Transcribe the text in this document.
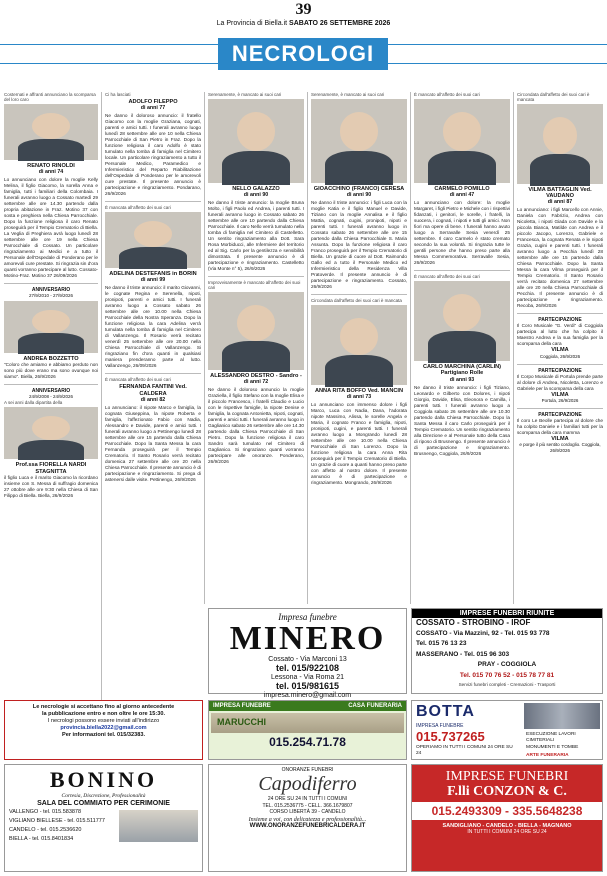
39
La Provincia di Biella.it SABATO 26 SETTEMBRE 2026
NECROLOGI
Costernati e affranti annunciano la scomparsa del loro caro
RENATO RINOLDI
di anni 74
Lo annunciano con dolore la moglie Kelly Melina, il figlio Giacomo, la sorella Anna e famiglia, tutti i familiari della Colombaia. I funerali avranno luogo a Cossato martedì 29 settembre alle ore 14.30 partendo dalla propria abitazione in Fraz. Motino 37 con sosta e preghiera nella Chiesa Parrocchiale. Dopo la funzione religiosa il caro Renato proseguirà per il Tempio Crematorio di Biella. La Veglia di Preghiera avrà luogo lunedì 28 settembre alle ore 19 nella Chiesa Parrocchiale di Cossato. Un particolare ringraziamento ai Medici e a tutto il Personale dell'Ospedale di Ponderano per le amorevoli cure prestate. Si ringrazia sin d'ora quanti vorranno partecipare al lutto. Cossato-Motino-Fraz. Motino 37 26/09/2026
ANNIVERSARIO
27/9/2010 - 27/9/2026
ANDREA BOZZETTO
"Coloro che amiamo e abbiamo perduto non sono più dove erano ma sono ovunque noi siamo". Biella, 26/9/2026
ANNIVERSARIO
24/9/2008 - 24/9/2026
A sei anni dalla dipartita della
Prof.ssa FIORELLA NARDI STAGNITTA
il figlio Luca e il marito Giacomo la ricordano insieme con S. Messa di suffragio domenica 27 ottobre alle ore 9:30 nella Chiesa di San Filippo di Biella. Biella, 26/9/2026
Ci ha lasciati
ADOLFO FILEPPO
di anni 77
Ne danno il doloroso annuncio: il fratello Giacomo con la moglie Graziana, cognati, parenti e amici tutti. I funerali avranno luogo lunedì 28 settembre alle ore 10 nella Chiesa Parrocchiale di San Pietro in Fraz. Dopo la funzione religiosa il caro Adolfo è stato tumulato nella tomba di famiglia nel Cimitero locale. Un particolare ringraziamento a tutto il Personale Medico, Paramedico e Infermieristico del Reparto Riabilitazione dell'Ospedale di Ponderano per le amorevoli cure prestate. Il presente annuncio è partecipazione e ringraziamento. Pondarano, 26/9/2026
È mancata all'affetto dei suoi cari
ADELINA DESTEFANIS in BORIN
di anni 99
Ne danno il triste annuncio: il marito Giovanni, le cognate Regina e Serenella, nipoti, pronipoti, parenti e amici tutti. I funerali avranno luogo a Cossato sabato 26 settembre alle ore 10.00 nella Chiesa Parrocchiale della Nostra Speranza. Dopo la funzione religiosa la cara Adelina verrà tumulata nella tomba di famiglia nel Cimitero di Vallanzengo. Il Rosario verrà recitato venerdì 25 settembre alle ore 20.00 nella Chiesa Parrocchiale di Vallanzengo. Si ringraziano fin d'ora quanti in qualsiasi maniera prenderanno parte al lutto. Vallanzengo, 26/09/2026
È mancata all'affetto dei suoi cari
FERNANDA FANTINI Ved. CALDERA
di anni 82
Lo annunciano: il nipote Marco e famiglia, la cognata Giuseppina, la nipote Roberta e famiglia, l'affezionato Fabio con Nadia, Alessandro e Davide, parenti e amici tutti. I funerali avranno luogo a Pettinengo lunedì 28 settembre alle ore 15 partendo dalla Chiesa Parrocchiale. Dopo la Santa Messa la cara Fernanda proseguirà per il Tempio Crematorio. Il Santo Rosario verrà recitato domenica 27 settembre alle ore 20 nella Chiesa Parrocchiale. Il presente annuncio è di partecipazione e ringraziamento. Si prega di astenersi dalle visite. Pettinengo, 26/9/2026
Serenamente, è mancato ai suoi cari
NELLO GALAZZO
di anni 90
Ne danno il triste annuncio: la moglie Bruna Molto, i figli Paolo ed Andrea, i parenti tutti. I funerali avranno luogo in Cossato sabato 26 settembre alle ore 10 partendo dalla Chiesa Parrocchiale. Il caro Nello verrà tumulato nella tomba di famiglia nel Cimitero di Castelletto. Un sentito ringraziamento alla Dott. Sara Rosa Morbiducci, alle Infermiere del territorio ed al Sig. Carlo per la gentilezza e sensibilità dimostrata. Il presente annuncio è di partecipazione e ringraziamento. Castelletto (Via Monte n° 5), 26/9/2026
Improvvisamente è mancato all'affetto dei suoi cari
ALESSANDRO DESTRO - Sandro -
di anni 72
Ne danno il doloroso annuncio la moglie Graziella, il figlio Stefano con la moglie Elisa e il piccolo Francesco, i fratelli Claudio e Lucio con le rispettive famiglie, la nipote Denise e famiglia, la cognata Antonietta, nipoti, cognati, parenti e amici tutti. I funerali avranno luogo in Gaglianico sabato 26 settembre alle ore 14.30 partendo dalla Chiesa Parrocchiale di San Pietro. Dopo la funzione religiosa il caro Sandro sarà tumulato nel Cimitero di Gaglianico. Si ringraziano quanti vorranno partecipare alle onoranze. Ponderano, 26/9/2026
Serenamente, è mancato ai suoi cari
GIOACCHINO (FRANCO) CERESA
di anni 90
Ne danno il triste annuncio: i figli Luca con la moglie Katia e il figlio Manuel e Davide, Tiziano con la moglie Annalisa e il figlio Mattia, cognati, cugini, pronipoti, nipoti e parenti tutti. I funerali avranno luogo in Cossato sabato 26 settembre alle ore 15 partendo dalla Chiesa Parrocchiale S. Maria Assunta. Dopo la funzione religiosa il caro Franco proseguirà per il Tempio Crematorio di Biella. Un grazie di cuore al Dott. Raimondo Gallo ed a tutto il Personale Medico ed Infermieristico della Residenza Villa Pratoverde. Il presente annuncio è di partecipazione e ringraziamento. Cossato, 26/9/2026
Circondata dall'affetto dei suoi cari è mancata
ANNA RITA BOFFO Ved. MANCIN
di anni 73
Lo annunciano con immenso dolore i figli Marco, Luca con Nadia, Dana, l'adorata nipote Massimo, Alissa, le sorelle Angela e Maria, il cognato Franco e famiglia, nipoti, pronipoti, cugini, e parenti tutti. I funerali avranno luogo a Mongrando lunedì 28 settembre alle ore 10.00 nella Chiesa Parrocchiale di San Lorenzo. Dopo la funzione religiosa la cara Anna Rita proseguirà per il Tempio Crematorio di Biella. Un grazie di cuore a quanti hanno preso parte con affetto al nostro dolore. Il presente annuncio è di partecipazione e ringraziamento. Mongrando, 26/9/2026
È mancato all'affetto dei suoi cari
CARMELO POMILLO
di anni 47
Lo annunciano con dolore: la moglie Margaret, i figli Pietro e Michele con i rispettivi fidanzati, i genitori, le sorelle, i fratelli, la suocera, i cognati, i nipoti e tutti gli amici. Non fiori ma opere di bene. I funerali hanno avuto luogo a Serravalle Sesia venerdì 25 settembre. Il caro Carmelo è stato cremato secondo la sua volontà. Si ringrazia tutte le gentili persone che hanno preso parte alla Messa Commemorativa. Serravalle Sesia, 26/9/2026
È mancato all'affetto dei suoi cari
CARLO MARCHINA (CARLIN) Partigiano Rolle
di anni 93
Ne danno il triste annuncio: i figli Tiziano, Leonardo e Gilberto con Dolores, i nipoti Giorgio, Davide, Elisa, Eleonora e Camilla, i parenti tutti. I funerali avranno luogo a Coggiola sabato 26 settembre alle ore 10.30 partendo dalla Chiesa Parrocchiale. Dopo la Santa Messa il caro Carlo proseguirà per il Tempio Crematorio. Un sentito ringraziamento alla Direzione e al Personale tutto della Casa di riposo di Brusnengo. Il presente annuncio è di partecipazione e ringraziamento. Brusnengo, Coggiola, 26/9/2026
Circondata dall'affetto dei suoi cari è mancata
VILMA BATTAGLIN Ved. VAUDANO
di anni 87
Lo annunciano: i figli Marcello con Annie, Daniela con Fabrizio, Andrea con Nicoletta, i nipoti Giada con Davide e la piccola Bianca, Matilde con Andrea e il piccolo Jacopo, Lorenzo, Gabriele e Francesca, la cognata Renata e le nipoti Grazia, cugini e parenti tutti. I funerali avranno luogo a Pecchia lunedì 28 settembre alle ore 15 partendo dalla Chiesa Parrocchiale. Dopo la Santa Messa la cara Vilma proseguirà per il Tempio Crematorio. Il Santo Rosario verrà recitato domenica 27 settembre alle ore 20 nella Chiesa Parrocchiale di Pecchia. Il presente annuncio è di partecipazione e ringraziamento. Recoba, 26/9/2026
PARTECIPAZIONE
Il Coro Musicale "G. Verdi" di Coggiola partecipa al lutto che ha colpito il Maestro Andrea e la sua famiglia per la scomparsa della cara
VILMA
Coggiola, 26/9/2026
PARTECIPAZIONE
Il Corpo Musicale di Portula prende parte al dolore di Andrea, Nicoletta, Lorenzo e Gabriele per la scomparsa della cara
VILMA
Portula, 26/9/2026
PARTECIPAZIONE
Il coro Le Beolle partecipa al dolore che ha colpito Daniele e i familiari tutti per la scomparsa della cara mamma
VILMA
e porge il più sentito cordoglio. Coggiola, 26/9/2026
Impresa funebre
MINERO
Cossato - Via Marconi 13
tel. 015/922108
Lessona - Via Roma 21
tel. 015/981615
impresa.minero@gmail.com
IMPRESE FUNEBRI RIUNITE
COSSATO - STROBINO - IROF
COSSATO - Via Mazzini, 92 - Tel. 015 93 778
Tel. 015 76 13 23
MASSERANO - Tel. 015 96 303
PRAY - COGGIOLA
Tel. 015 70 76 52 - 015 78 77 81
Servizi funebri completi - Cremazioni - Trasporti
Le necrologie si accettano fino al giorno antecedente
la pubblicazione entro e non oltre le ore 15:30.
I necrologi possono essere inviati all'indirizzo
provincia.biella2022@gmail.com
Per informazioni tel. 015/32383.
IMPRESA FUNEBRE	CASA FUNERARIA
MARUCCHI
015.254.71.78
BOTTA
IMPRESA FUNEBRE
015.737265
OPERIAMO IN TUTTI I COMUNI 24 ORE SU 24
ESECUZIONE LAVORI CIMITERIALI
MONUMENTI E TOMBE
ARTE FUNERARIA
BONINO
Cortesia, Discrezione, Professionalità
SALA DEL COMMIATO PER CERIMONIE
VALLENGO - tel. 015.583878
VIGLIANO BIELLESE - tel. 015.511777
CANDELO - tel. 015.2536620
BIELLA - tel. 015.8401834
ONORANZE FUNEBRI
Capodiferro
24 ORE SU 24 IN TUTTI I COMUNI
TEL. 015.2536775 - CELL. 366.1679807
CORSO LIBERTÀ 39 - CANDELO
Insieme a voi, con delicatezza e professionalità...
WWW.ONORANZEFUNEBRICALDERA.IT
IMPRESE FUNEBRI
F.lli CONZON & C.
015.2493309 - 335.5648238
SANDIGLIANO - CANDELO - BIELLA - MAGNANO
IN TUTTI I COMUNI 24 ORE SU 24
